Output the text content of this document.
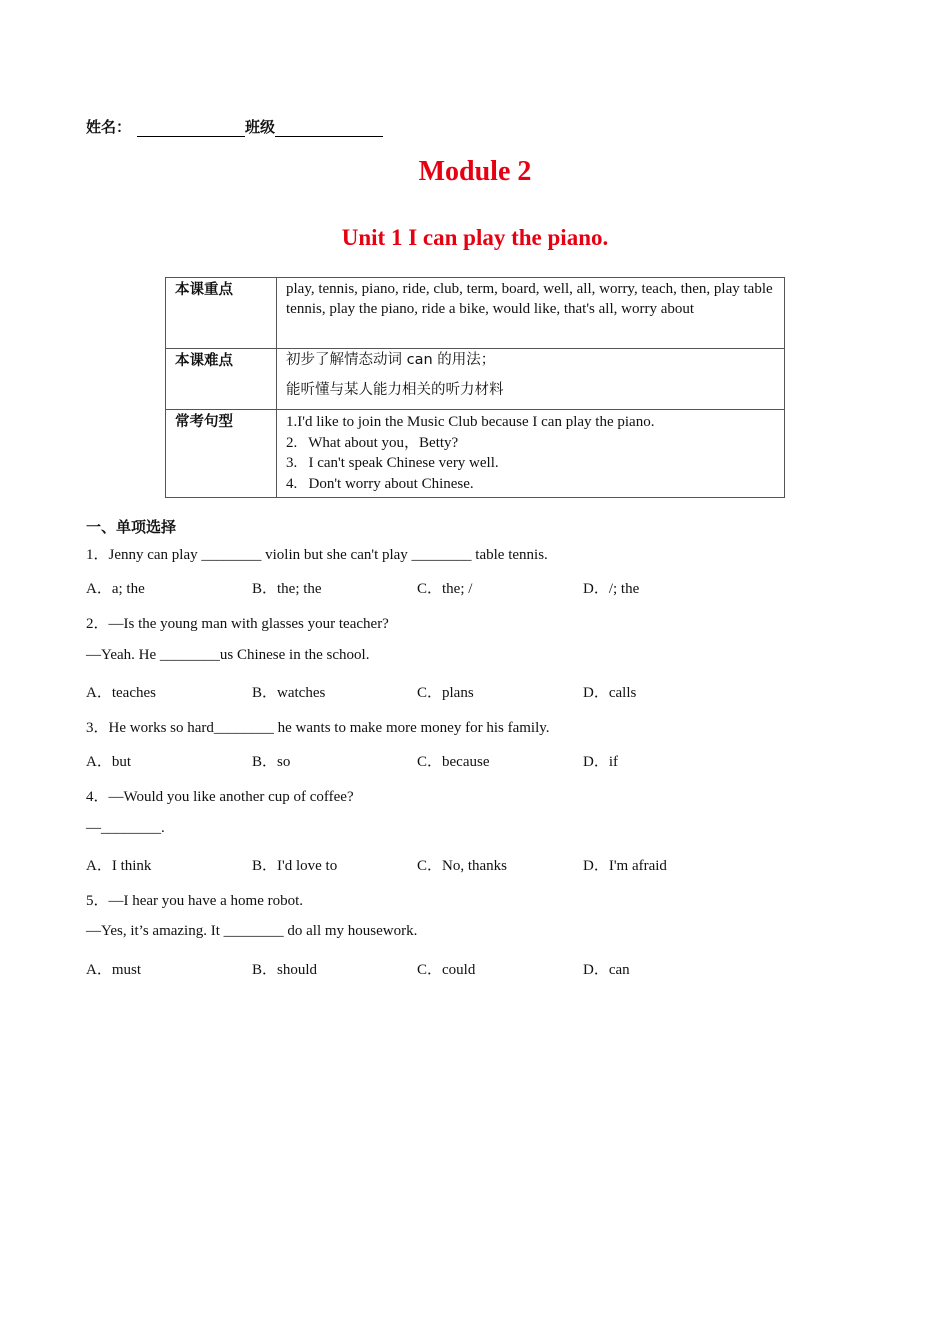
姓名：	班级
Module 2
Unit 1 I can play the piano.
本课重点	play, tennis, piano, ride, club, term, board, well, all, worry, teach, then, play table tennis, play the piano, ride a bike, would like, that's all, worry about

本课难点	初步了解情态动词 can 的用法；
能听懂与某人能力相关的听力材料

常考句型	1.I'd like to join the Music Club because I can play the piano.
2.   What about you，Betty?
3.   I can't speak Chinese very well.
4.   Don't worry about Chinese.
一、单项选择
1．Jenny can play ________ violin but she can't play ________ table tennis.
A．a; the	B．the; the	C．the; /	D．/; the
2．—Is the young man with glasses your teacher?
—Yeah. He ________us Chinese in the school.
A．teaches	B．watches	C．plans	D．calls
3．He works so hard________ he wants to make more money for his family.
A．but	B．so	C．because	D．if
4．—Would you like another cup of coffee?
—________.
A．I think	B．I'd love to	C．No, thanks	D．I'm afraid
5．—I hear you have a home robot.
—Yes, it’s amazing. It ________ do all my housework.
A．must	B．should	C．could	D．can
